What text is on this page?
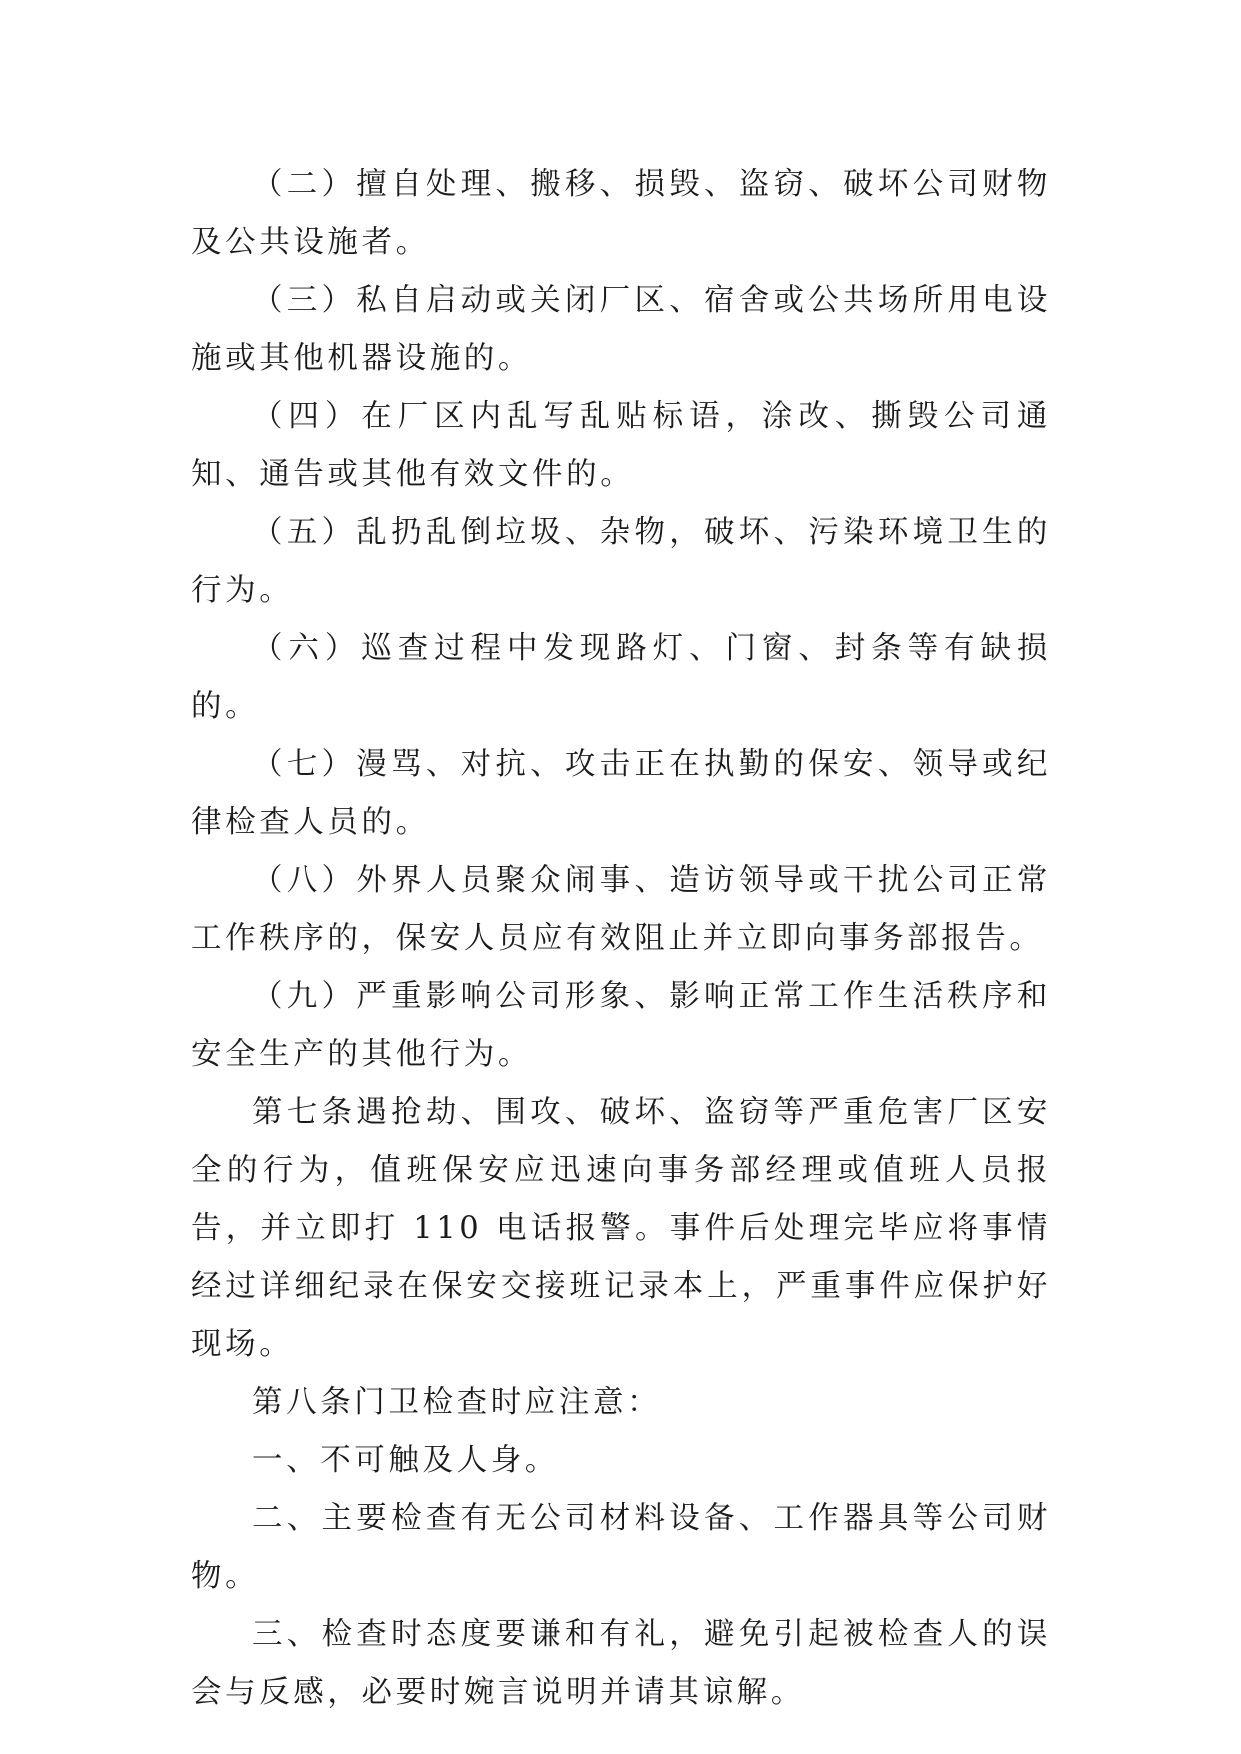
（二）擅自处理、搬移、损毁、盗窃、破坏公司财物及公共设施者。

（三）私自启动或关闭厂区、宿舍或公共场所用电设施或其他机器设施的。

（四）在厂区内乱写乱贴标语，涂改、撕毁公司通知、通告或其他有效文件的。

（五）乱扔乱倒垃圾、杂物，破坏、污染环境卫生的行为。

（六）巡查过程中发现路灯、门窗、封条等有缺损的。

（七）漫骂、对抗、攻击正在执勤的保安、领导或纪律检查人员的。

（八）外界人员聚众闹事、造访领导或干扰公司正常工作秩序的，保安人员应有效阻止并立即向事务部报告。

（九）严重影响公司形象、影响正常工作生活秩序和安全生产的其他行为。

第七条遇抢劫、围攻、破坏、盗窃等严重危害厂区安全的行为，值班保安应迅速向事务部经理或值班人员报告，并立即打 110 电话报警。事件后处理完毕应将事情经过详细纪录在保安交接班记录本上，严重事件应保护好现场。

第八条门卫检查时应注意：

一、不可触及人身。

二、主要检查有无公司材料设备、工作器具等公司财物。

三、检查时态度要谦和有礼，避免引起被检查人的误会与反感，必要时婉言说明并请其谅解。
